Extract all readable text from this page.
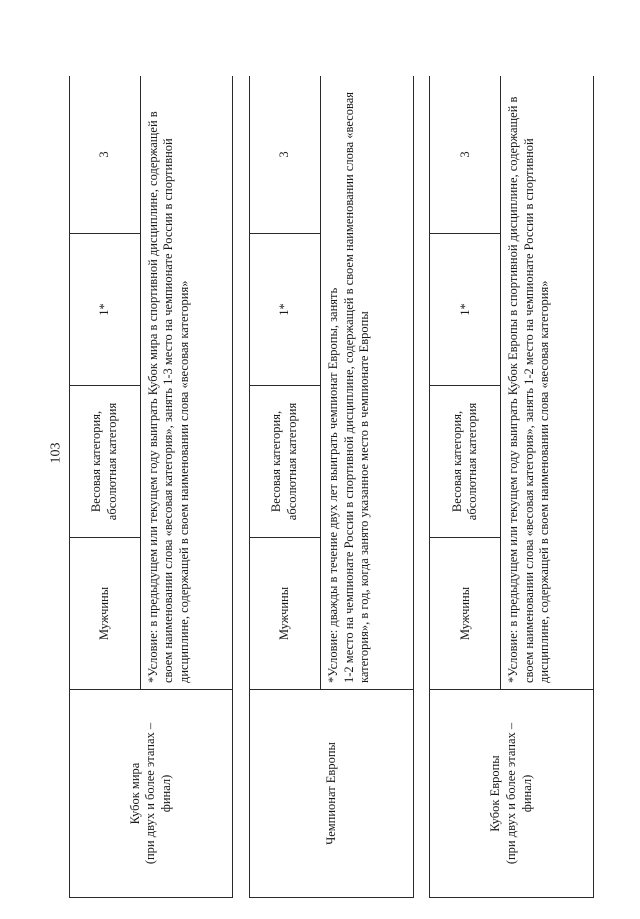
103
Кубок мира
(при двух и более этапах –
финал)	Мужчины	Весовая категория,
абсолютная категория	1*	3

	*Условие: в предыдущем или текущем году выиграть Кубок мира в спортивной дисциплине, содержащей в своем наименовании слова «весовая категория», занять 1-3 место на чемпионате России в спортивной дисциплине, содержащей в своем наименовании слова «весовая категория»			

Чемпионат Европы	Мужчины	Весовая категория,
абсолютная категория	1*	3

	*Условие: дважды в течение двух лет выиграть чемпионат Европы, занять
1-2 место на чемпионате России в спортивной дисциплине, содержащей в своем наименовании слова «весовая категория», в год, когда занято указанное место в чемпионате Европы			

Кубок Европы
(при двух и более этапах –
финал)	Мужчины	Весовая категория,
абсолютная категория	1*	3

	*Условие: в предыдущем или текущем году выиграть Кубок Европы в спортивной дисциплине, содержащей в своем наименовании слова «весовая категория», занять 1-2 место на чемпионате России в спортивной дисциплине, содержащей в своем наименовании слова «весовая категория»			
